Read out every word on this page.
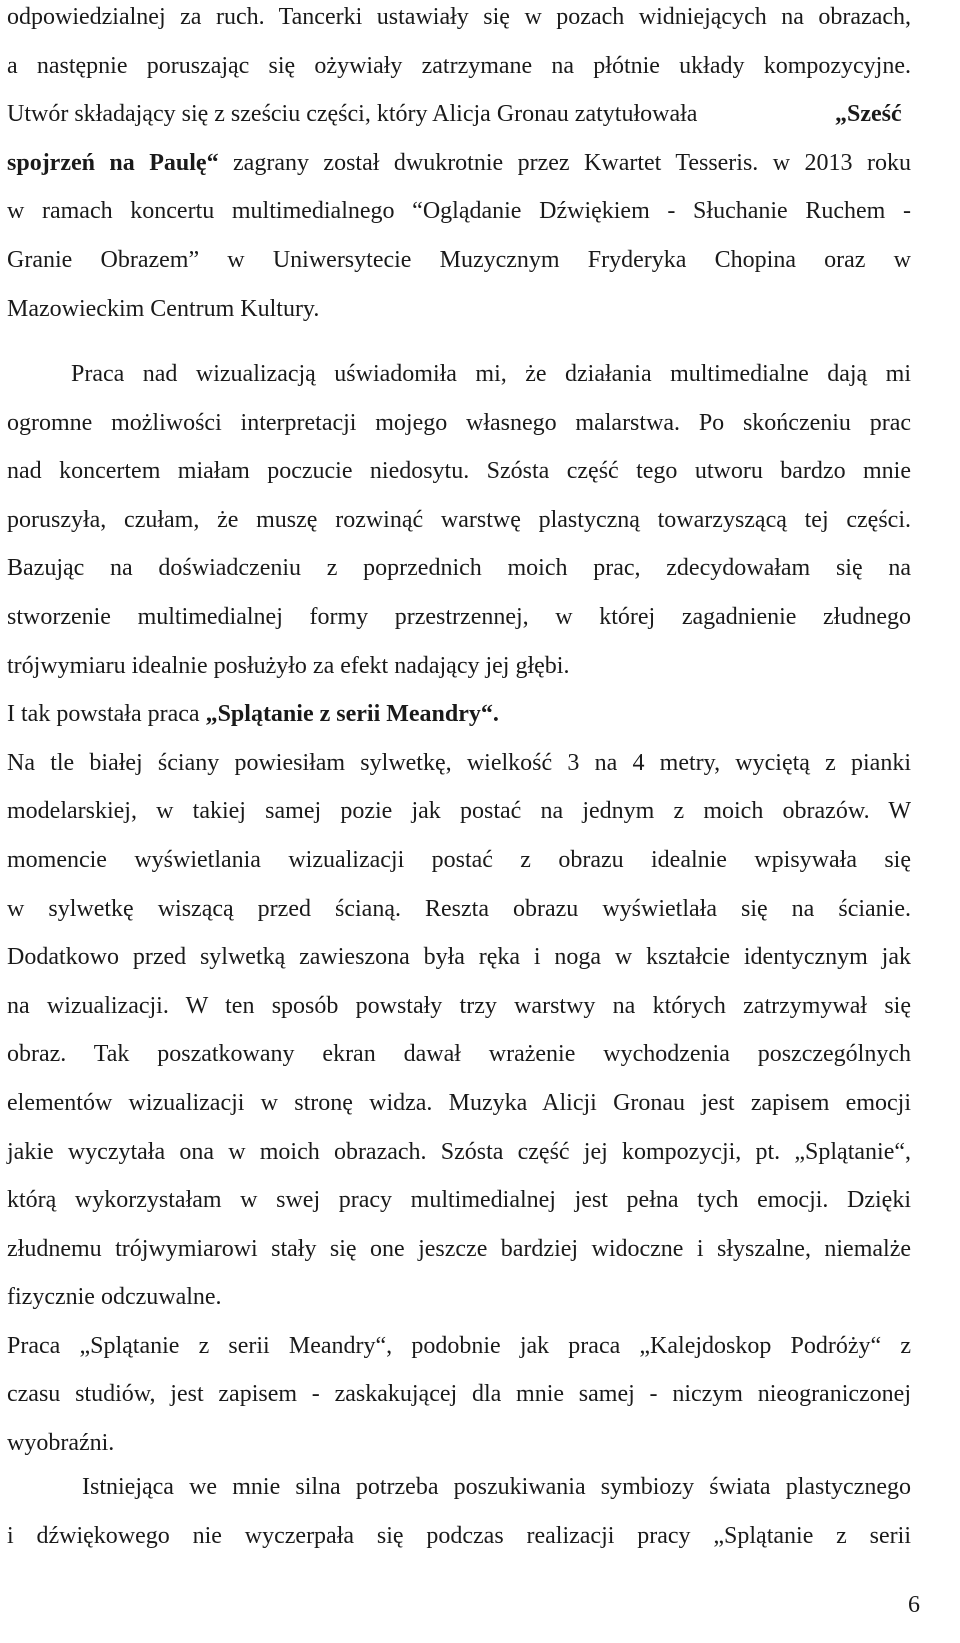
odpowiedzialnej za ruch. Tancerki ustawiały się w pozach widniejących na obrazach,
a następnie poruszając się ożywiały zatrzymane na płótnie układy kompozycyjne.
Utwór składający się z sześciu części, który Alicja Gronau zatytułowała	„Sześć
spojrzeń na Paulę“ zagrany został dwukrotnie przez Kwartet Tesseris. w 2013 roku
w ramach koncertu multimedialnego “Oglądanie Dźwiękiem - Słuchanie Ruchem -
Granie Obrazem” w Uniwersytecie Muzycznym Fryderyka Chopina oraz w
Mazowieckim Centrum Kultury.
Praca nad wizualizacją uświadomiła mi, że działania multimedialne dają mi
ogromne możliwości interpretacji mojego własnego malarstwa. Po skończeniu prac
nad koncertem miałam poczucie niedosytu. Szósta część tego utworu bardzo mnie
poruszyła, czułam, że muszę rozwinąć warstwę plastyczną towarzyszącą tej części.
Bazując na doświadczeniu z poprzednich moich prac, zdecydowałam się na
stworzenie multimedialnej formy przestrzennej, w której zagadnienie złudnego
trójwymiaru idealnie posłużyło za efekt nadający jej głębi.
I tak powstała praca „Splątanie z serii Meandry“.
Na tle białej ściany powiesiłam sylwetkę, wielkość 3 na 4 metry, wyciętą z pianki
modelarskiej, w takiej samej pozie jak postać na jednym z moich obrazów. W
momencie wyświetlania wizualizacji postać z obrazu idealnie wpisywała się
w sylwetkę wiszącą przed ścianą. Reszta obrazu wyświetlała się na ścianie.
Dodatkowo przed sylwetką zawieszona była ręka i noga w kształcie identycznym jak
na wizualizacji. W ten sposób powstały trzy warstwy na których zatrzymywał się
obraz. Tak poszatkowany ekran dawał wrażenie wychodzenia poszczególnych
elementów wizualizacji w stronę widza. Muzyka Alicji Gronau jest zapisem emocji
jakie wyczytała ona w moich obrazach. Szósta część jej kompozycji, pt. „Splątanie“,
którą wykorzystałam w swej pracy multimedialnej jest pełna tych emocji. Dzięki
złudnemu trójwymiarowi stały się one jeszcze bardziej widoczne i słyszalne, niemalże
fizycznie odczuwalne.
Praca „Splątanie z serii Meandry“, podobnie jak praca „Kalejdoskop Podróży“ z
czasu studiów, jest zapisem - zaskakującej dla mnie samej - niczym nieograniczonej
wyobraźni.
Istniejąca we mnie silna potrzeba poszukiwania symbiozy świata plastycznego
i dźwiękowego nie wyczerpała się podczas realizacji pracy „Splątanie z serii
6
